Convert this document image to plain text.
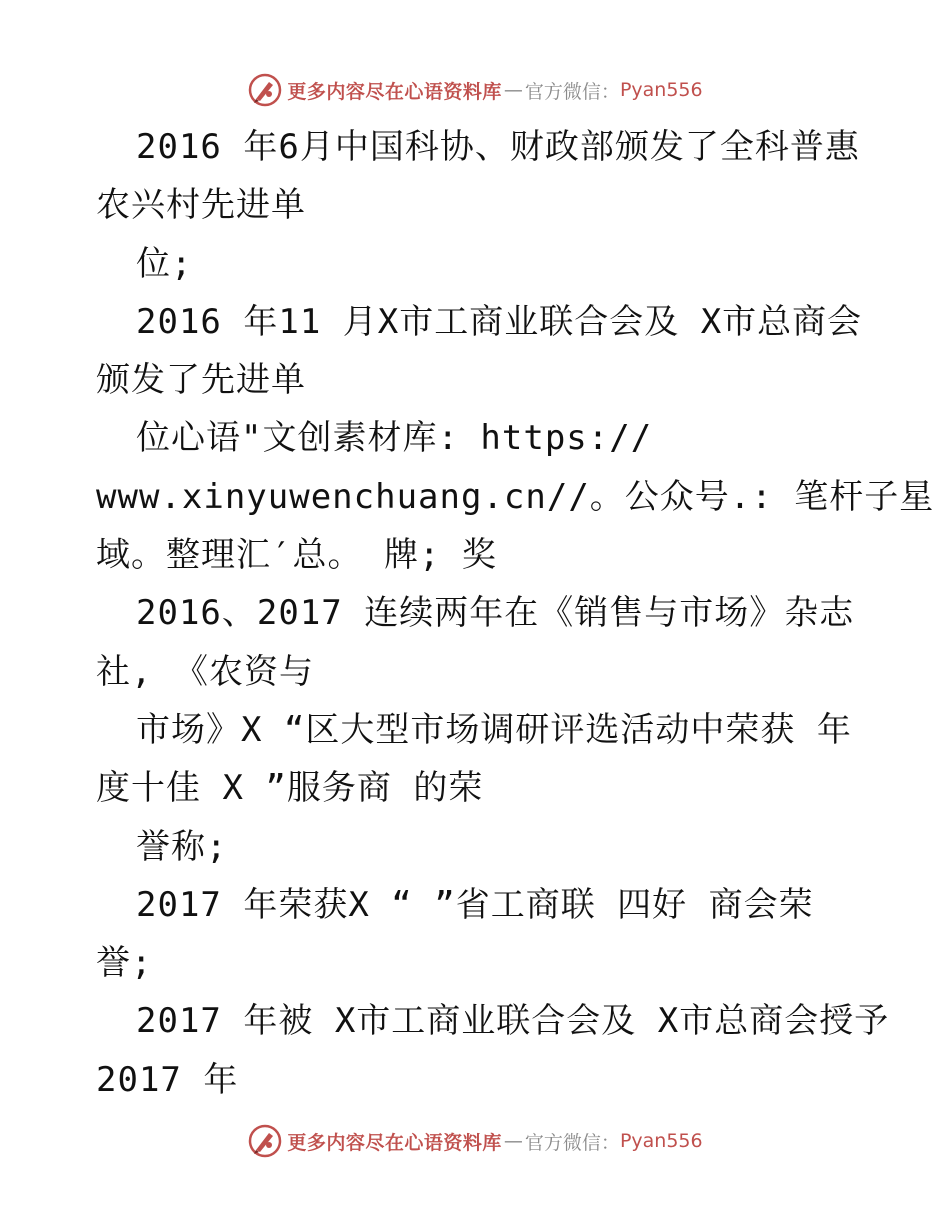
更多内容尽在心语资料库 — 官方微信： Pyan556
2016 年6月中国科协、财政部颁发了全科普惠
农兴村先进单
位;
2016 年11 月X市工商业联合会及 X市总商会
颁发了先进单
位心语"文创素材库: https://
www.xinyuwenchuang.cn//。公众号.: 笔杆子星
域。整理汇′总。 牌; 奖
2016、2017 连续两年在《销售与市场》杂志
社, 《农资与
市场》X “区大型市场调研评选活动中荣获 年
度十佳 X ”服务商 的荣
誉称;
2017 年荣获X “ ”省工商联 四好 商会荣
誉;
2017 年被 X市工商业联合会及 X市总商会授予
2017 年
更多内容尽在心语资料库 — 官方微信： Pyan556
